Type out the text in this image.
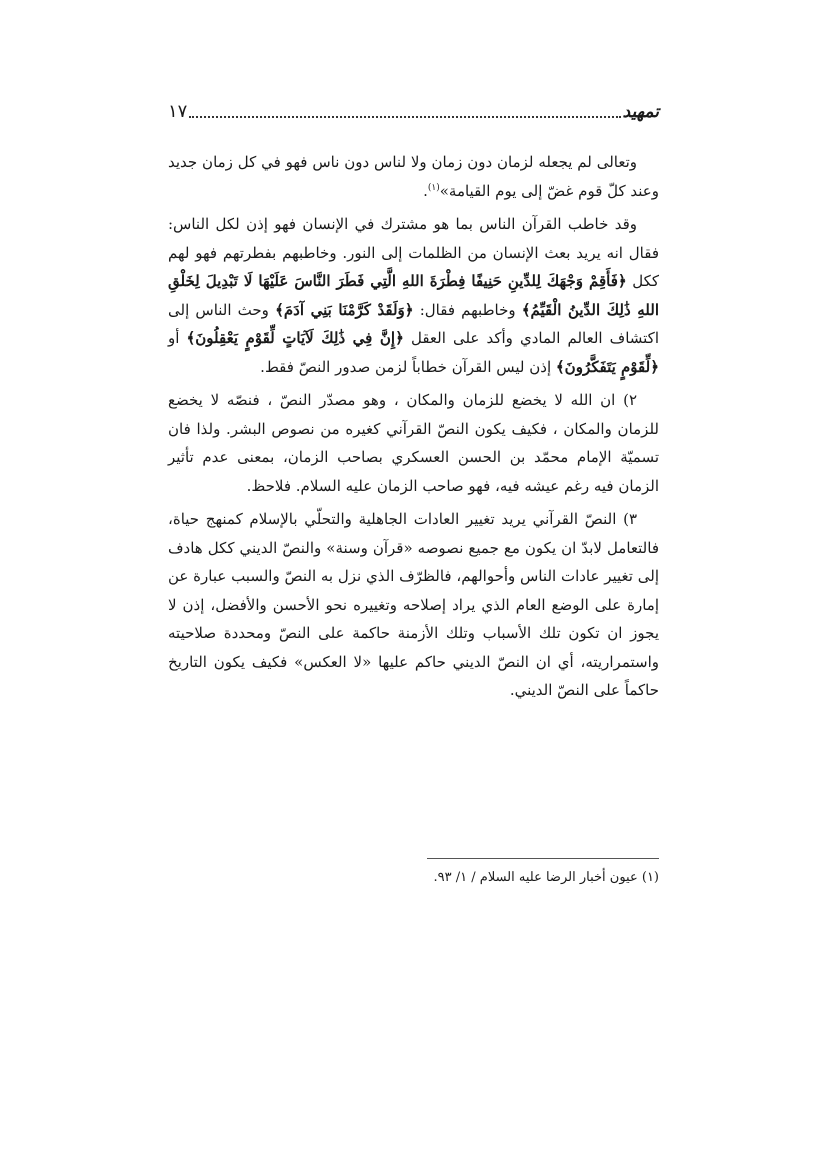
تمهيد
١٧

وتعالى لم يجعله لزمان دون زمان ولا لناس دون ناس فهو في كل زمان جديد وعند كلّ قوم غضّ إلى يوم القيامة»$^{(١)}$.

وقد خاطب القرآن الناس بما هو مشترك في الإنسان فهو إذن لكل الناس: فقال انه يريد بعث الإنسان من الظلمات إلى النور. وخاطبهم بفطرتهم فهو لهم ككل ﴿فَأَقِمْ وَجْهَكَ لِلدِّينِ حَنِيفًا فِطْرَةَ اللهِ الَّتِي فَطَرَ النَّاسَ عَلَيْهَا لَا تَبْدِيلَ لِخَلْقِ اللهِ ذَٰلِكَ الدِّينُ الْقَيِّمُ﴾ وخاطبهم فقال: ﴿وَلَقَدْ كَرَّمْنَا بَنِي آدَمَ﴾ وحث الناس إلى اكتشاف العالم المادي وأكد على العقل ﴿إِنَّ فِي ذَٰلِكَ لَآيَاتٍ لِّقَوْمٍ يَعْقِلُونَ﴾ أو ﴿لِّقَوْمٍ يَتَفَكَّرُونَ﴾ إذن ليس القرآن خطاباً لزمن صدور النصّ فقط.

٢) ان الله لا يخضع للزمان والمكان ، وهو مصدّر النصّ ، فنصّه لا يخضع للزمان والمكان ، فكيف يكون النصّ القرآني كغيره من نصوص البشر. ولذا فان تسميّة الإمام محمّد بن الحسن العسكري بصاحب الزمان، بمعنى عدم تأثير الزمان فيه رغم عيشه فيه، فهو صاحب الزمان عليه السلام. فلاحظ.

٣) النصّ القرآني يريد تغيير العادات الجاهلية والتحلّي بالإسلام كمنهج حياة، فالتعامل لابدّ ان يكون مع جميع نصوصه «قرآن وسنة» والنصّ الديني ككل هادف إلى تغيير عادات الناس وأحوالهم، فالظرّف الذي نزل به النصّ والسبب عبارة عن إمارة على الوضع العام الذي يراد إصلاحه وتغييره نحو الأحسن والأفضل، إذن لا يجوز ان تكون تلك الأسباب وتلك الأزمنة حاكمة على النصّ ومحددة صلاحيته واستمراريته، أي ان النصّ الديني حاكم عليها «لا العكس» فكيف يكون التاريخ حاكماً على النصّ الديني.

(١) عيون أخبار الرضا عليه السلام / ١/ ٩٣.
